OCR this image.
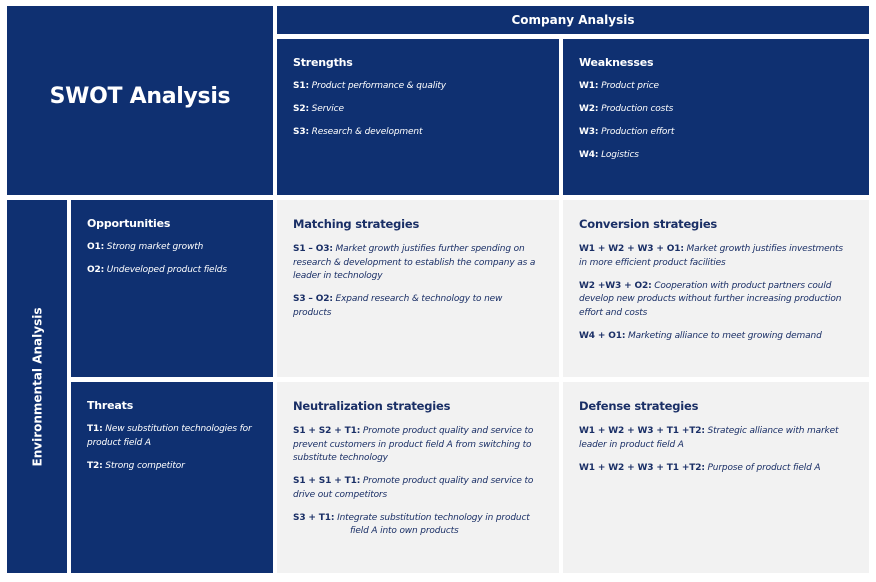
SWOT Analysis
Company Analysis
Environmental Analysis
Strengths
S1: Product performance & quality
S2: Service
S3: Research & development
Weaknesses
W1: Product price
W2: Production costs
W3: Production effort
W4: Logistics
Opportunities
O1: Strong market growth
O2: Undeveloped product fields
Threats
T1: New substitution technologies for product field A
T2: Strong competitor
Matching strategies
S1 – O3: Market growth justifies further spending on research & development to establish the company as a leader in technology
S3 – O2: Expand research & technology to new products
Conversion strategies
W1 + W2 + W3 + O1: Market growth justifies investments in more efficient product facilities
W2 +W3 + O2: Cooperation with product partners could develop new products without further increasing production effort and costs
W4 + O1: Marketing alliance to meet growing demand
Neutralization strategies
S1 + S2 + T1: Promote product quality and service to prevent customers in product field A from switching to substitute technology
S1 + S1 + T1: Promote product quality and service to drive out competitors
S3 + T1: Integrate substitution technology in product
field A into own products
Defense strategies
W1 + W2 + W3 + T1 +T2: Strategic alliance with market leader in product field A
W1 + W2 + W3 + T1 +T2: Purpose of product field A
